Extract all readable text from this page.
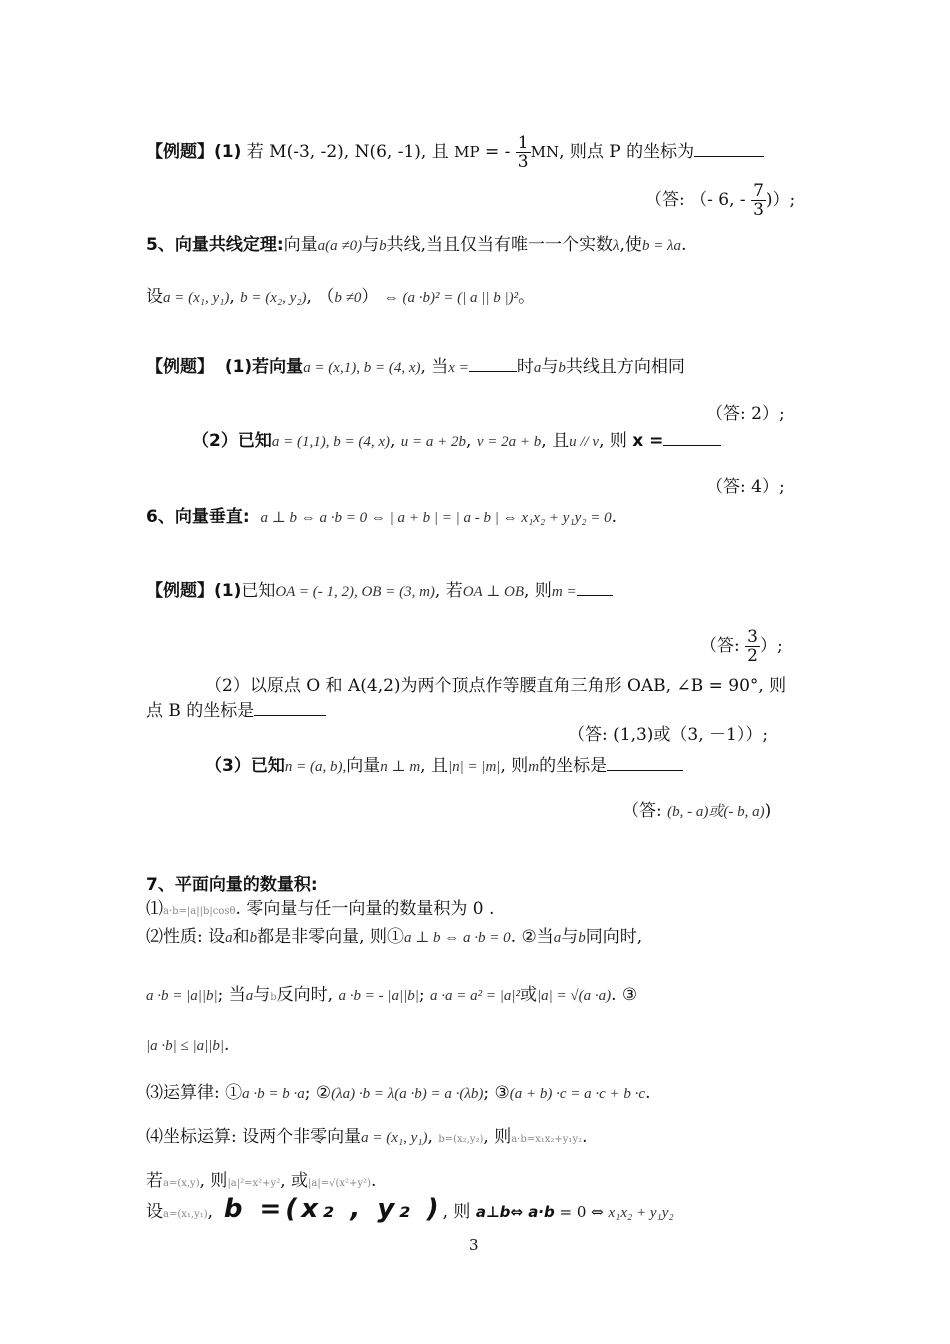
【例题】(1) 若 M(-3, -2), N(6, -1), 且 MP = - $\frac{1}{3}$ MN, 则点 P 的坐标为
（答: （- 6, - $\frac{7}{3}$ )）;
5、向量共线定理:向量a(a ≠0)与b共线,当且仅当有唯一一个实数λ,使b = λa.
设a = (x₁, y₁), b = (x₂, y₂), （b ≠0） ⇔ (a ·b)² = (| a || b |)²。
【例题】 (1)若向量a = (x,1), b = (4, x), 当x =	时a与b共线且方向相同
（答: 2）;
（2）已知a = (1,1), b = (4, x), u = a + 2b, v = 2a + b, 且u // v, 则 x =
（答: 4）;
6、向量垂直: a ⊥ b ⇔ a ·b = 0 ⇔ | a + b | = | a - b | ⇔ x₁x₂ + y₁y₂ = 0.
【例题】(1)已知OA = (- 1, 2), OB = (3, m), 若OA ⊥ OB, 则m =
（答: $\frac{3}{2}$ ）;
（2）以原点 O 和 A(4,2)为两个顶点作等腰直角三角形 OAB, ∠B = 90°, 则
点 B 的坐标是
（答: (1,3)或（3, －1））;
（3）已知n = (a, b),向量n ⊥ m, 且|n| = |m|, 则m的坐标是
（答: (b, - a)或(- b, a))
7、平面向量的数量积:
⑴a·b=|a||b|cosθ. 零向量与任一向量的数量积为 0 .
⑵性质: 设a和b都是非零向量, 则①a ⊥ b ⇔ a ·b = 0. ②当a与b同向时,
a ·b = |a||b|; 当a与b反向时, a ·b = - |a||b|; a ·a = a² = |a|²或|a| = √(a ·a). ③
|a ·b| ≤ |a||b|.
⑶运算律: ①a ·b = b ·a; ②(λa) ·b = λ(a ·b) = a ·(λb); ③(a + b) ·c = a ·c + b ·c.
⑷坐标运算: 设两个非零向量a = (x₁, y₁), b=(x₂,y₂), 则a·b=x₁x₂+y₁y₂.
若a=(x,y), 则|a|²=x²+y², 或|a|=√(x²+y²).
设a=(x₁,y₁), b =(x₂ , y₂ ), 则 a⊥b⇔ a·b = 0 ⇔ x₁x₂ + y₁y₂
3
